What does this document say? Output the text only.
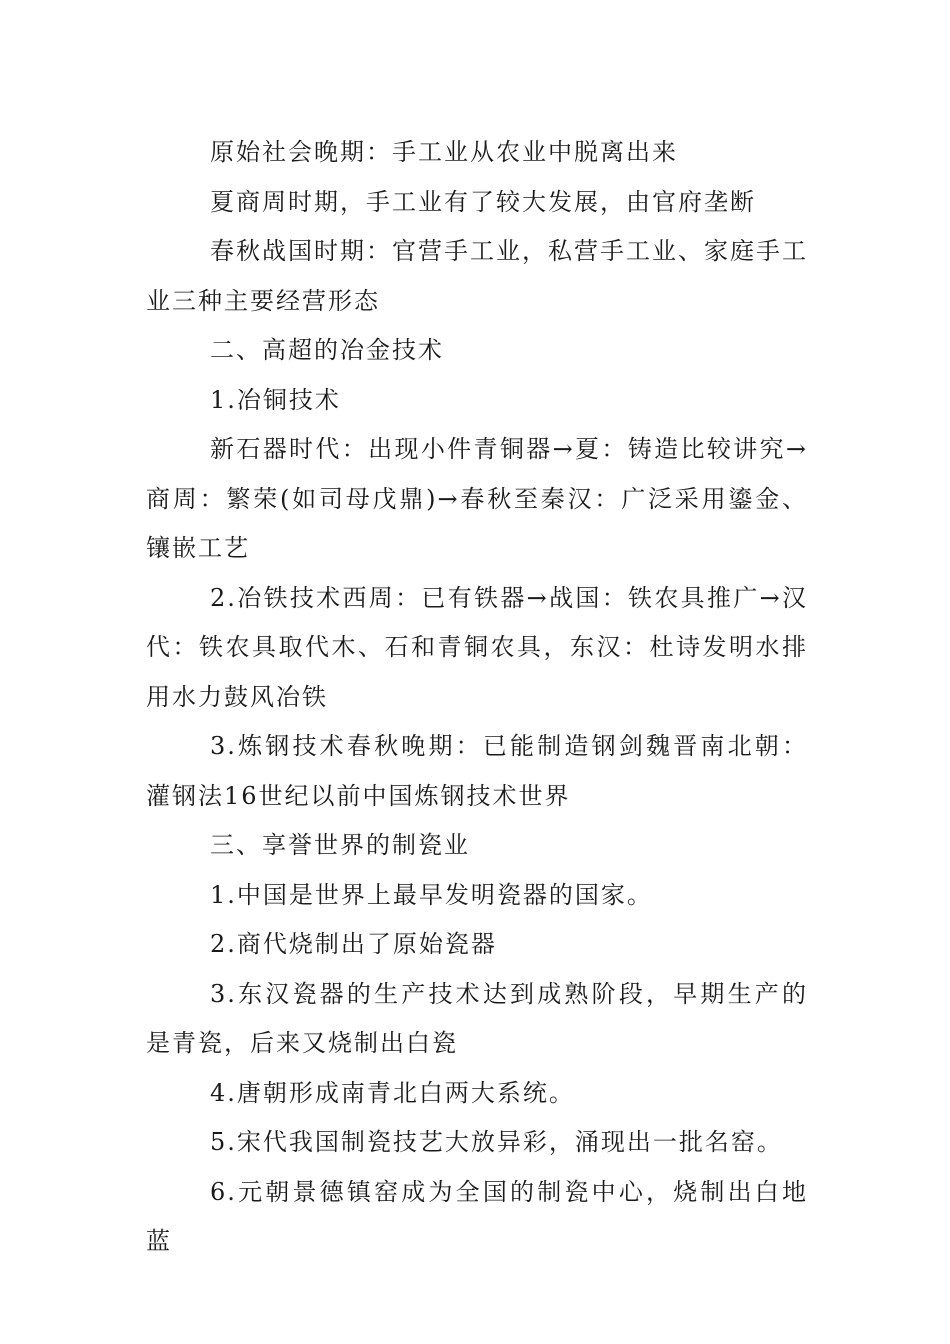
原始社会晚期：手工业从农业中脱离出来

夏商周时期，手工业有了较大发展，由官府垄断

春秋战国时期：官营手工业，私营手工业、家庭手工业三种主要经营形态

二、高超的冶金技术

1.冶铜技术

新石器时代：出现小件青铜器→夏：铸造比较讲究→商周：繁荣(如司母戊鼎)→春秋至秦汉：广泛采用鎏金、镶嵌工艺

2.冶铁技术西周：已有铁器→战国：铁农具推广→汉代：铁农具取代木、石和青铜农具，东汉：杜诗发明水排用水力鼓风冶铁

3.炼钢技术春秋晚期：已能制造钢剑魏晋南北朝：灌钢法16世纪以前中国炼钢技术世界

三、享誉世界的制瓷业

1.中国是世界上最早发明瓷器的国家。

2.商代烧制出了原始瓷器

3.东汉瓷器的生产技术达到成熟阶段，早期生产的是青瓷，后来又烧制出白瓷

4.唐朝形成南青北白两大系统。

5.宋代我国制瓷技艺大放异彩，涌现出一批名窑。

6.元朝景德镇窑成为全国的制瓷中心，烧制出白地蓝
